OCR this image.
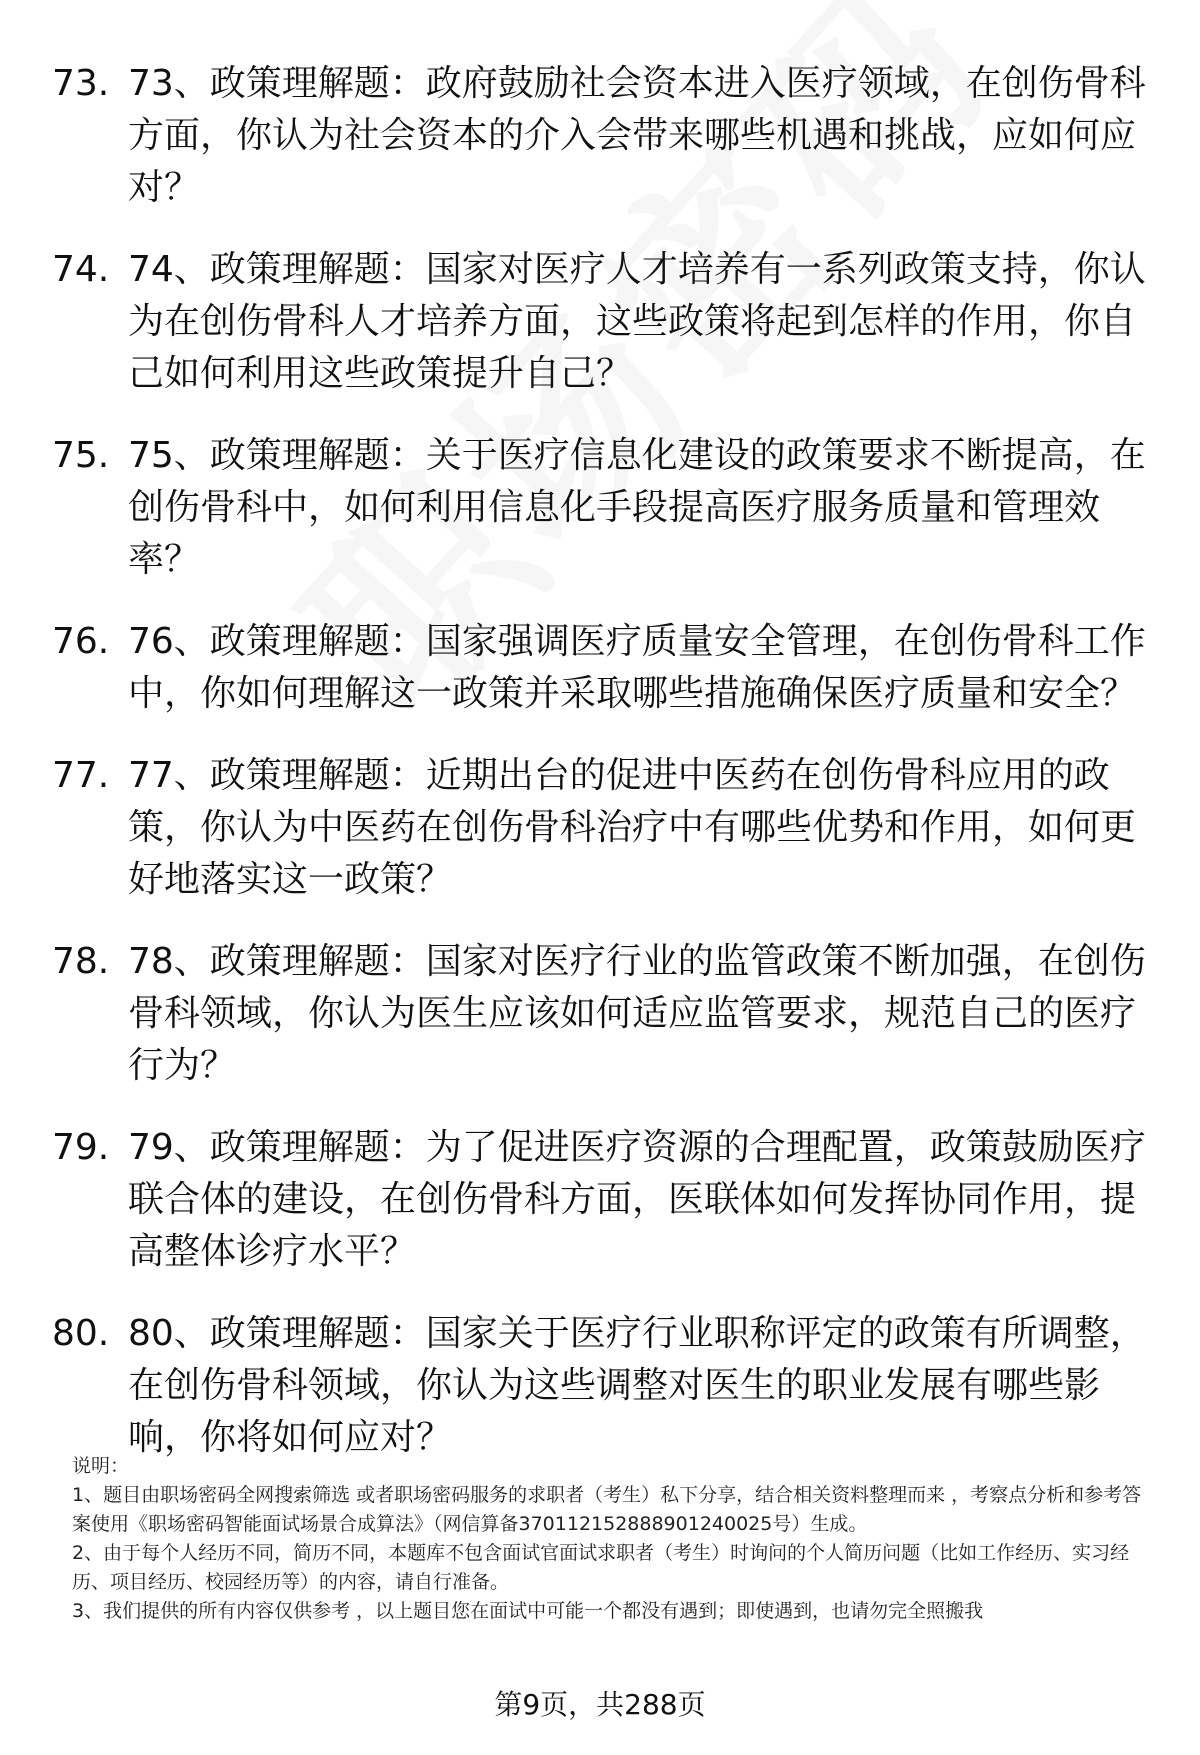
73. 73、政策理解题：政府鼓励社会资本进入医疗领域，在创伤骨科方面，你认为社会资本的介入会带来哪些机遇和挑战，应如何应对？
74. 74、政策理解题：国家对医疗人才培养有一系列政策支持，你认为在创伤骨科人才培养方面，这些政策将起到怎样的作用，你自己如何利用这些政策提升自己？
75. 75、政策理解题：关于医疗信息化建设的政策要求不断提高，在创伤骨科中，如何利用信息化手段提高医疗服务质量和管理效率？
76. 76、政策理解题：国家强调医疗质量安全管理，在创伤骨科工作中，你如何理解这一政策并采取哪些措施确保医疗质量和安全？
77. 77、政策理解题：近期出台的促进中医药在创伤骨科应用的政策，你认为中医药在创伤骨科治疗中有哪些优势和作用，如何更好地落实这一政策？
78. 78、政策理解题：国家对医疗行业的监管政策不断加强，在创伤骨科领域，你认为医生应该如何适应监管要求，规范自己的医疗行为？
79. 79、政策理解题：为了促进医疗资源的合理配置，政策鼓励医疗联合体的建设，在创伤骨科方面，医联体如何发挥协同作用，提高整体诊疗水平？
80. 80、政策理解题：国家关于医疗行业职称评定的政策有所调整，在创伤骨科领域，你认为这些调整对医生的职业发展有哪些影响，你将如何应对？
说明：
1、题目由职场密码全网搜索筛选 或者职场密码服务的求职者（考生）私下分享，结合相关资料整理而来 ，考察点分析和参考答案使用《职场密码智能面试场景合成算法》（网信算备370112152888901240025号）生成。
2、由于每个人经历不同，简历不同，本题库不包含面试官面试求职者（考生）时询问的个人简历问题（比如工作经历、实习经历、项目经历、校园经历等）的内容，请自行准备。
3、我们提供的所有内容仅供参考 ，以上题目您在面试中可能一个都没有遇到；即使遇到，也请勿完全照搬我
第9页，共288页
